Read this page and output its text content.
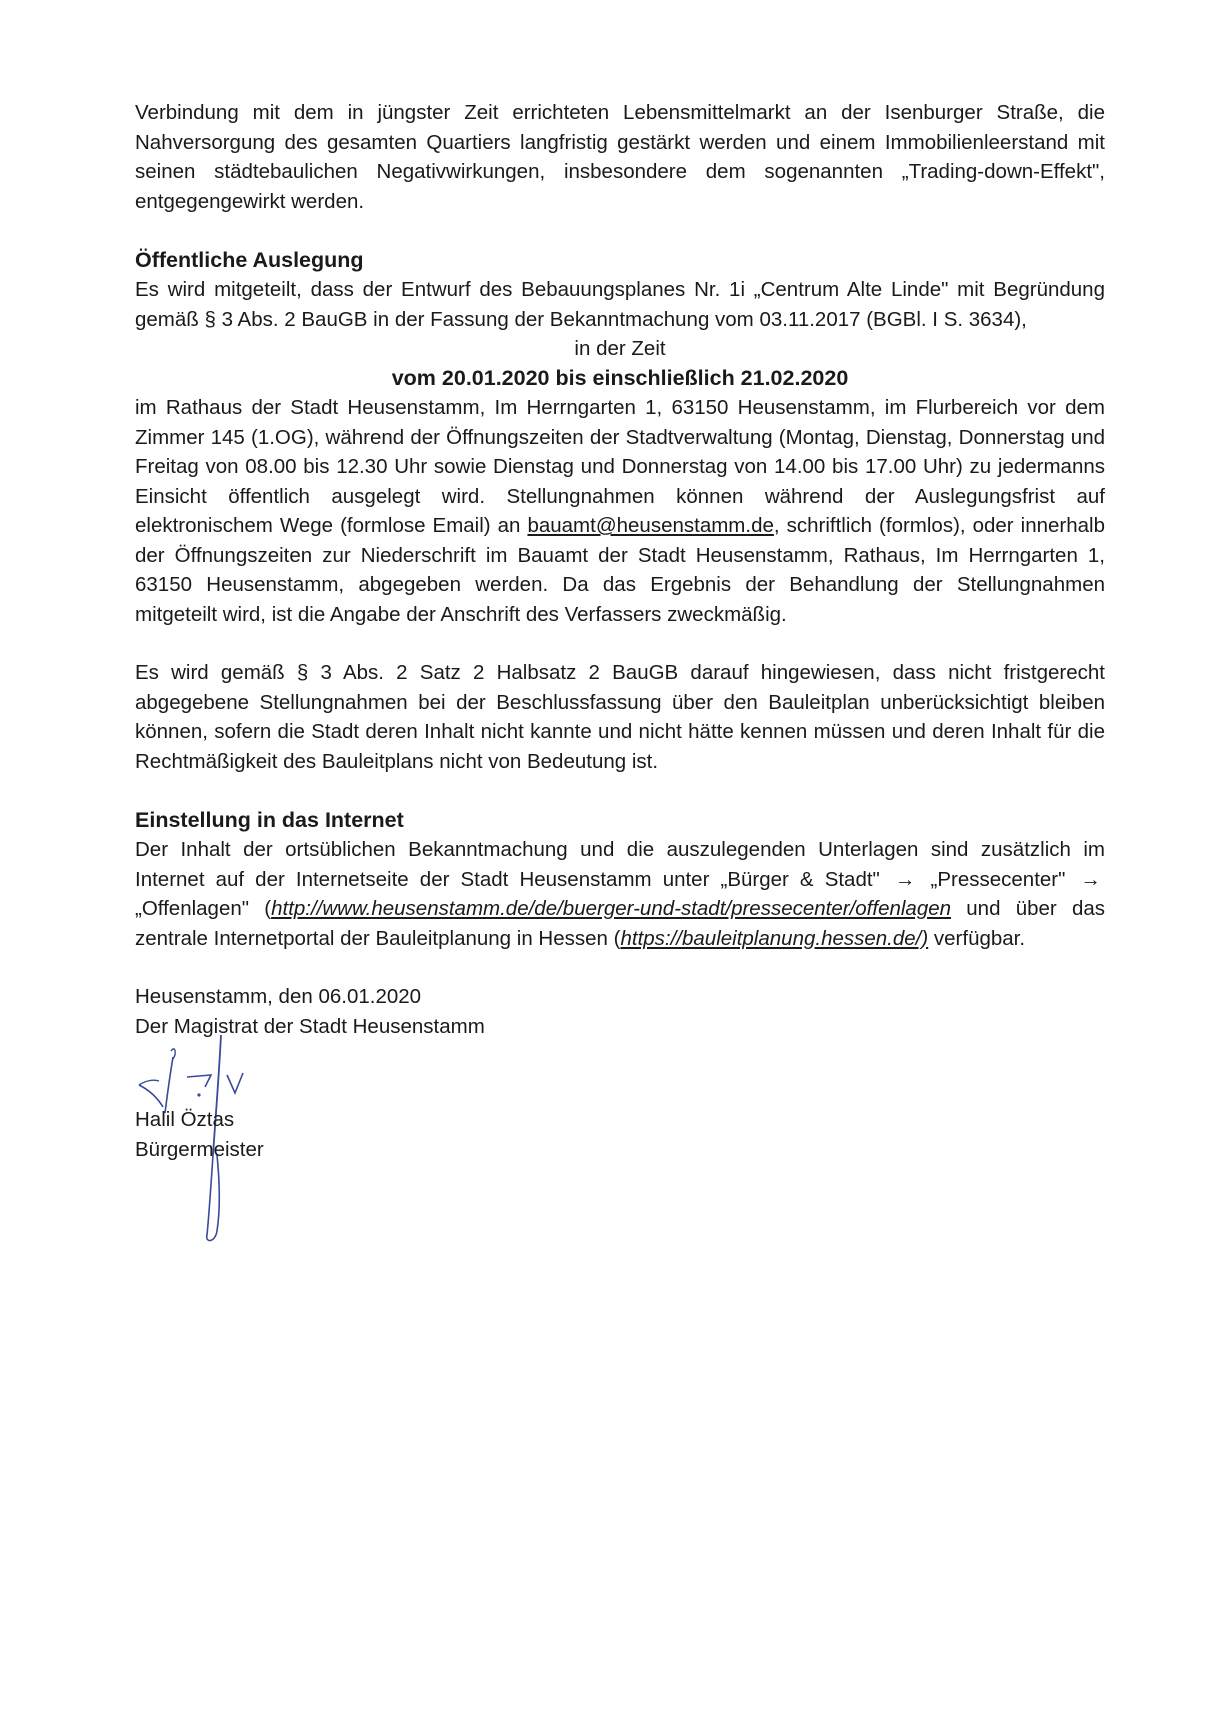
Verbindung mit dem in jüngster Zeit errichteten Lebensmittelmarkt an der Isenburger Straße, die Nahversorgung des gesamten Quartiers langfristig gestärkt werden und einem Immobilienleerstand mit seinen städtebaulichen Negativwirkungen, insbesondere dem sogenannten „Trading-down-Effekt", entgegengewirkt werden.

Öffentliche Auslegung

Es wird mitgeteilt, dass der Entwurf des Bebauungsplanes Nr. 1i „Centrum Alte Linde" mit Begründung gemäß § 3 Abs. 2 BauGB in der Fassung der Bekanntmachung vom 03.11.2017 (BGBl. I S. 3634),

in der Zeit

vom 20.01.2020 bis einschließlich 21.02.2020

im Rathaus der Stadt Heusenstamm, Im Herrngarten 1, 63150 Heusenstamm, im Flurbereich vor dem Zimmer 145 (1.OG), während der Öffnungszeiten der Stadtverwaltung (Montag, Dienstag, Donnerstag und Freitag von 08.00 bis 12.30 Uhr sowie Dienstag und Donnerstag von 14.00 bis 17.00 Uhr) zu jedermanns Einsicht öffentlich ausgelegt wird. Stellungnahmen können während der Auslegungsfrist auf elektronischem Wege (formlose Email) an bauamt@heusenstamm.de, schriftlich (formlos), oder innerhalb der Öffnungszeiten zur Niederschrift im Bauamt der Stadt Heusenstamm, Rathaus, Im Herrngarten 1, 63150 Heusenstamm, abgegeben werden. Da das Ergebnis der Behandlung der Stellungnahmen mitgeteilt wird, ist die Angabe der Anschrift des Verfassers zweckmäßig.

Es wird gemäß § 3 Abs. 2 Satz 2 Halbsatz 2 BauGB darauf hingewiesen, dass nicht fristgerecht abgegebene Stellungnahmen bei der Beschlussfassung über den Bauleitplan unberücksichtigt bleiben können, sofern die Stadt deren Inhalt nicht kannte und nicht hätte kennen müssen und deren Inhalt für die Rechtmäßigkeit des Bauleitplans nicht von Bedeutung ist.

Einstellung in das Internet

Der Inhalt der ortsüblichen Bekanntmachung und die auszulegenden Unterlagen sind zusätzlich im Internet auf der Internetseite der Stadt Heusenstamm unter „Bürger & Stadt" → „Pressecenter" → „Offenlagen" (http://www.heusenstamm.de/de/buerger-und-stadt/pressecenter/offenlagen und über das zentrale Internetportal der Bauleitplanung in Hessen (https://bauleitplanung.hessen.de/) verfügbar.

Heusenstamm, den 06.01.2020

Der Magistrat der Stadt Heusenstamm

Halil Öztas

Bürgermeister
